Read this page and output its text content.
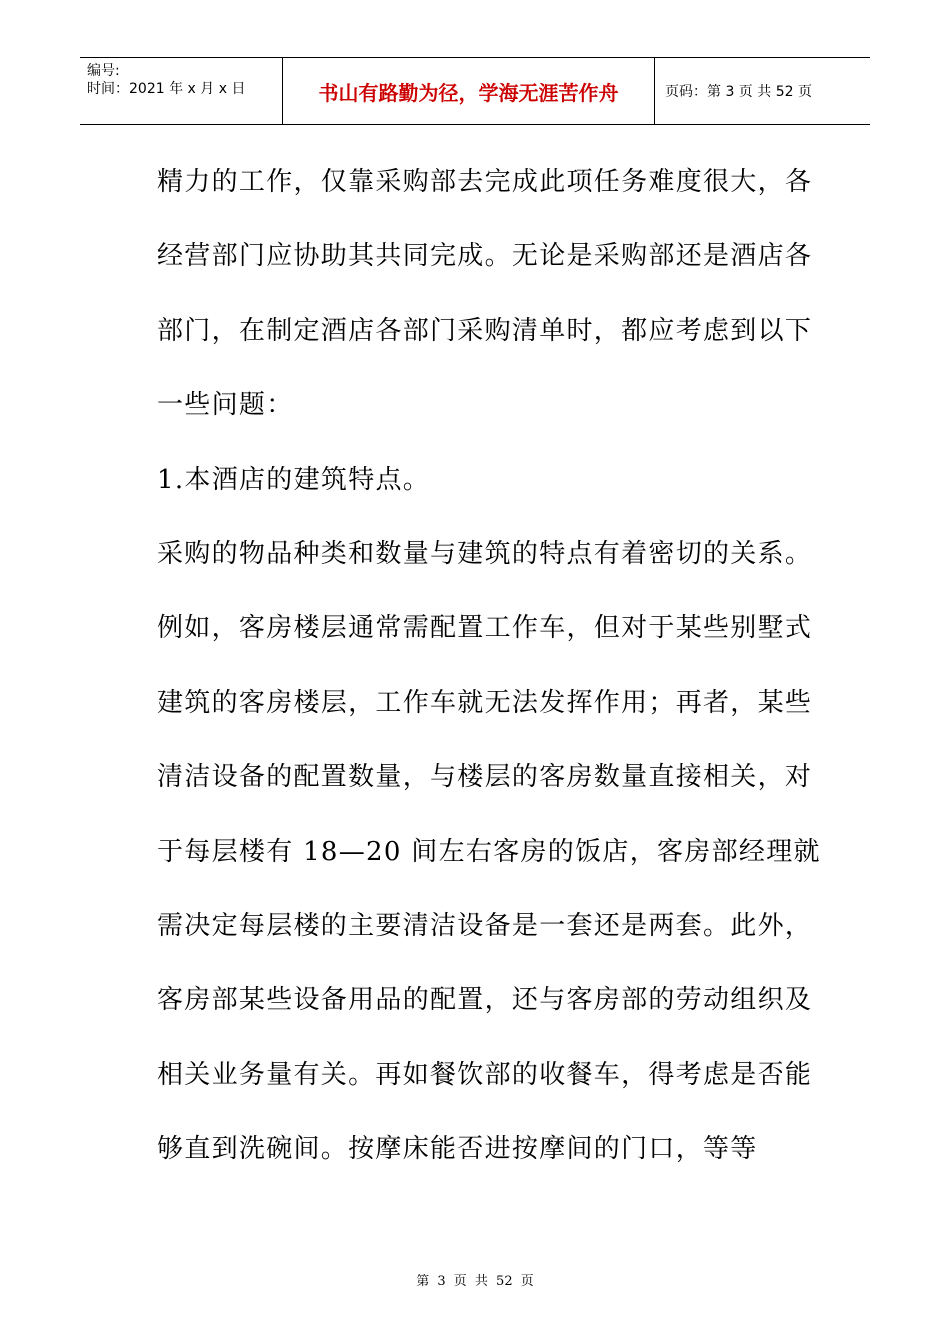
编号:
时间：2021 年 x 月 x 日	书山有路勤为径，学海无涯苦作舟	页码：第 3 页 共 52 页
精力的工作，仅靠采购部去完成此项任务难度很大，各
经营部门应协助其共同完成。无论是采购部还是酒店各
部门，在制定酒店各部门采购清单时，都应考虑到以下
一些问题：
1.本酒店的建筑特点。
采购的物品种类和数量与建筑的特点有着密切的关系。
例如，客房楼层通常需配置工作车，但对于某些别墅式
建筑的客房楼层，工作车就无法发挥作用；再者，某些
清洁设备的配置数量，与楼层的客房数量直接相关，对
于每层楼有 18—20 间左右客房的饭店，客房部经理就
需决定每层楼的主要清洁设备是一套还是两套。此外，
客房部某些设备用品的配置，还与客房部的劳动组织及
相关业务量有关。再如餐饮部的收餐车，得考虑是否能
够直到洗碗间。按摩床能否进按摩间的门口，等等
第 3 页 共 52 页
